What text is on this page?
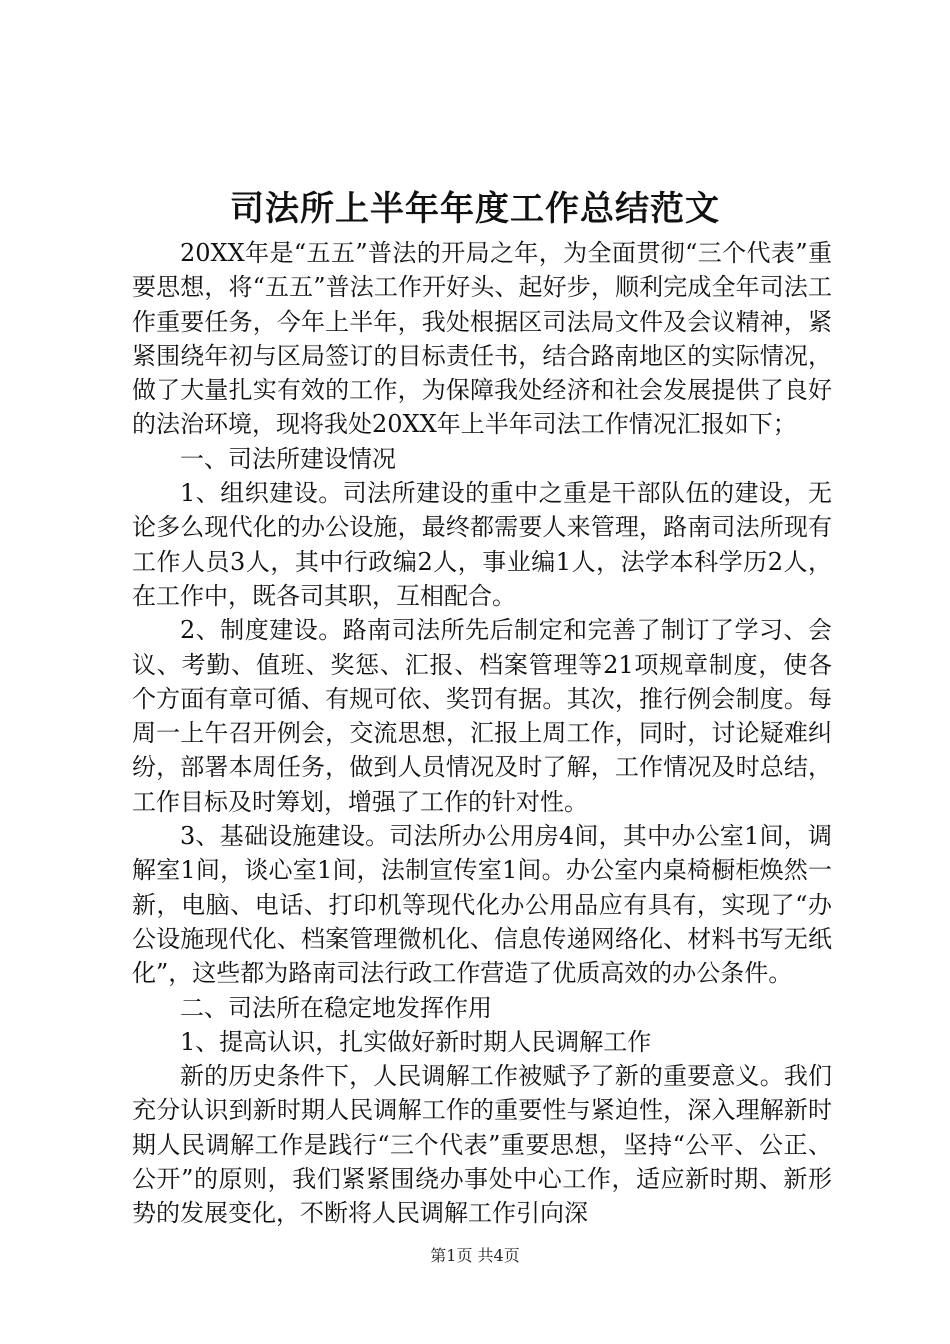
司法所上半年年度工作总结范文

20XX年是“五五”普法的开局之年，为全面贯彻“三个代表”重要思想，将“五五”普法工作开好头、起好步，顺利完成全年司法工作重要任务，今年上半年，我处根据区司法局文件及会议精神，紧紧围绕年初与区局签订的目标责任书，结合路南地区的实际情况，做了大量扎实有效的工作，为保障我处经济和社会发展提供了良好的法治环境，现将我处20XX年上半年司法工作情况汇报如下；

一、司法所建设情况

1、组织建设。司法所建设的重中之重是干部队伍的建设，无论多么现代化的办公设施，最终都需要人来管理，路南司法所现有工作人员3人，其中行政编2人，事业编1人，法学本科学历2人，在工作中，既各司其职，互相配合。

2、制度建设。路南司法所先后制定和完善了制订了学习、会议、考勤、值班、奖惩、汇报、档案管理等21项规章制度，使各个方面有章可循、有规可依、奖罚有据。其次，推行例会制度。每周一上午召开例会，交流思想，汇报上周工作，同时，讨论疑难纠纷，部署本周任务，做到人员情况及时了解，工作情况及时总结，工作目标及时筹划，增强了工作的针对性。

3、基础设施建设。司法所办公用房4间，其中办公室1间，调解室1间，谈心室1间，法制宣传室1间。办公室内桌椅橱柜焕然一新，电脑、电话、打印机等现代化办公用品应有具有，实现了“办公设施现代化、档案管理微机化、信息传递网络化、材料书写无纸化”，这些都为路南司法行政工作营造了优质高效的办公条件。

二、司法所在稳定地发挥作用

1、提高认识，扎实做好新时期人民调解工作

新的历史条件下，人民调解工作被赋予了新的重要意义。我们充分认识到新时期人民调解工作的重要性与紧迫性，深入理解新时期人民调解工作是践行“三个代表”重要思想，坚持“公平、公正、公开”的原则，我们紧紧围绕办事处中心工作，适应新时期、新形势的发展变化，不断将人民调解工作引向深

第1页 共4页
